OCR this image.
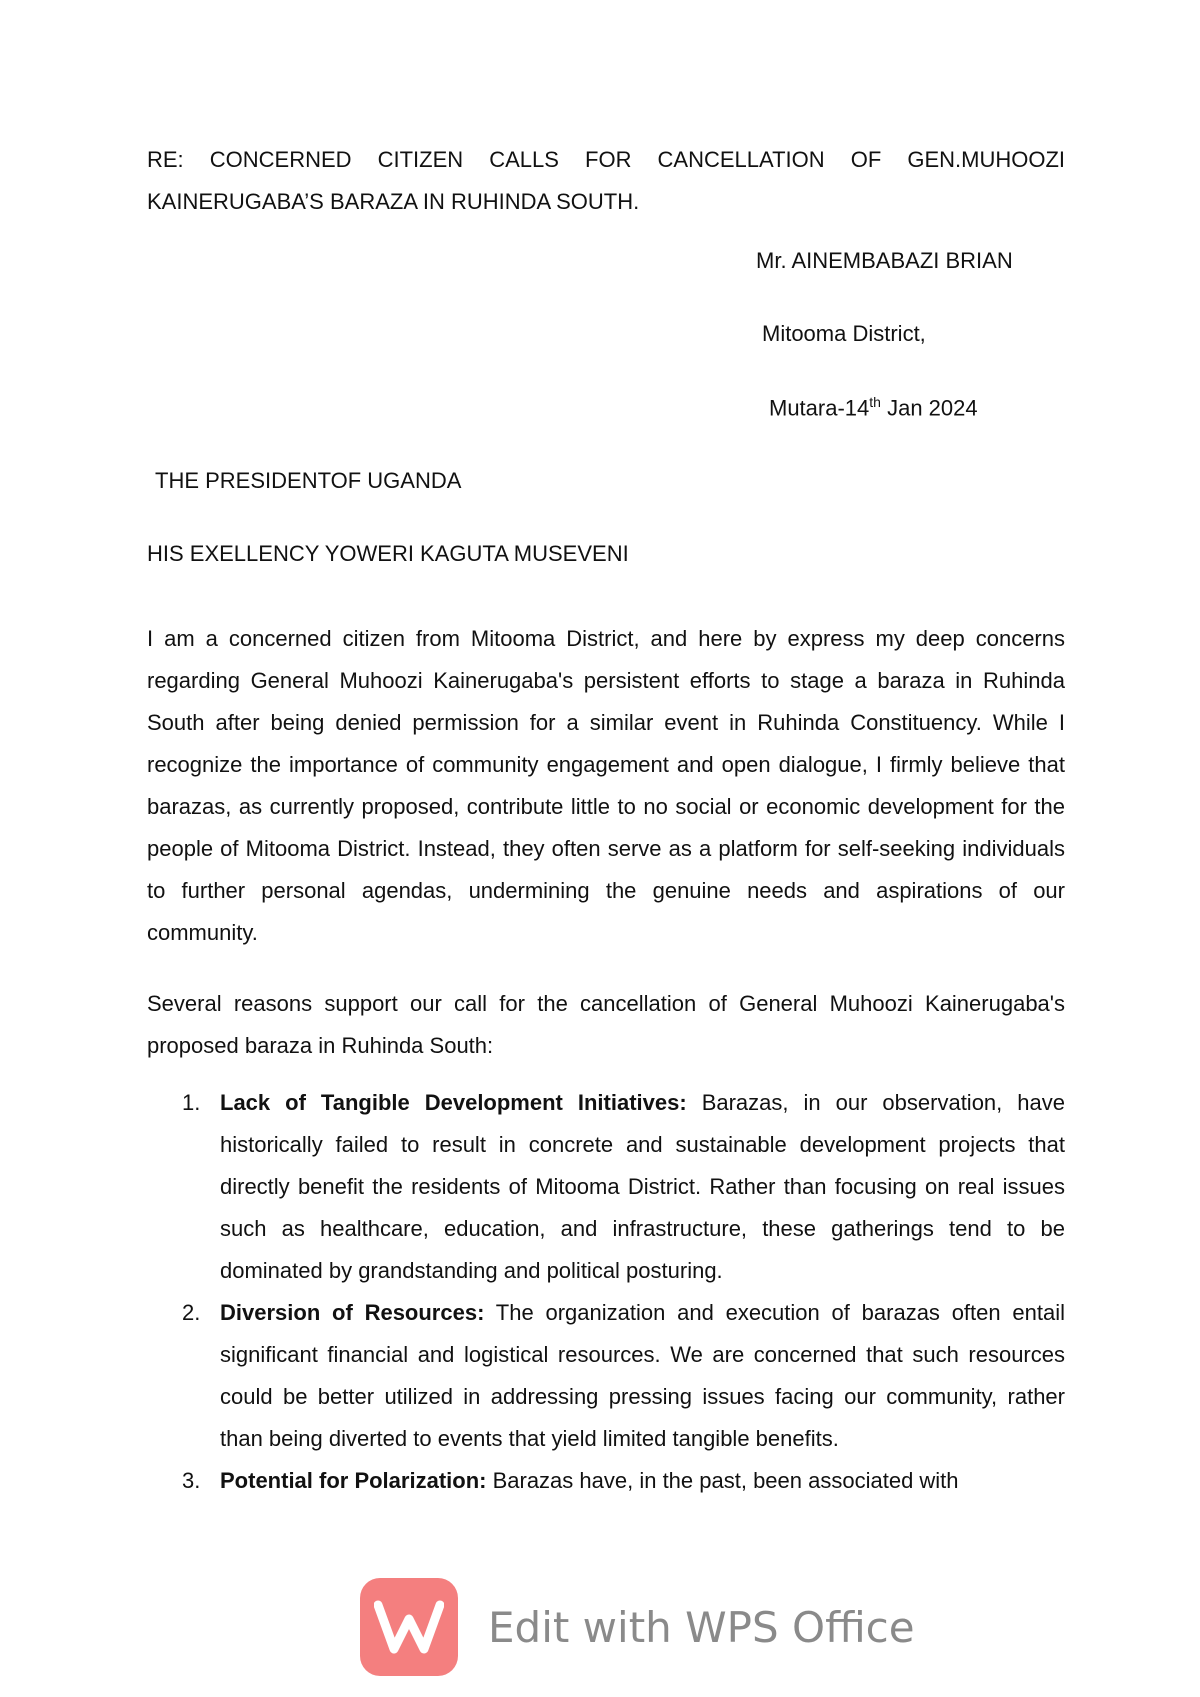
RE: CONCERNED CITIZEN CALLS FOR CANCELLATION OF GEN.MUHOOZI
KAINERUGABA’S BARAZA IN RUHINDA SOUTH.
Mr. AINEMBABAZI BRIAN
Mitooma District,
Mutara-14th Jan 2024
THE PRESIDENTOF UGANDA
HIS EXELLENCY YOWERI KAGUTA MUSEVENI

I am a concerned citizen from Mitooma District, and here by express my deep concerns regarding General Muhoozi Kainerugaba's persistent efforts to stage a baraza in Ruhinda South after being denied permission for a similar event in Ruhinda Constituency. While I recognize the importance of community engagement and open dialogue, I firmly believe that barazas, as currently proposed, contribute little to no social or economic development for the people of Mitooma District. Instead, they often serve as a platform for self-seeking individuals to further personal agendas, undermining the genuine needs and aspirations of our community.

Several reasons support our call for the cancellation of General Muhoozi Kainerugaba's proposed baraza in Ruhinda South:

1. Lack of Tangible Development Initiatives: Barazas, in our observation, have historically failed to result in concrete and sustainable development projects that directly benefit the residents of Mitooma District. Rather than focusing on real issues such as healthcare, education, and infrastructure, these gatherings tend to be dominated by grandstanding and political posturing.
2. Diversion of Resources: The organization and execution of barazas often entail significant financial and logistical resources. We are concerned that such resources could be better utilized in addressing pressing issues facing our community, rather than being diverted to events that yield limited tangible benefits.
3. Potential for Polarization: Barazas have, in the past, been associated with
Edit with WPS Office
